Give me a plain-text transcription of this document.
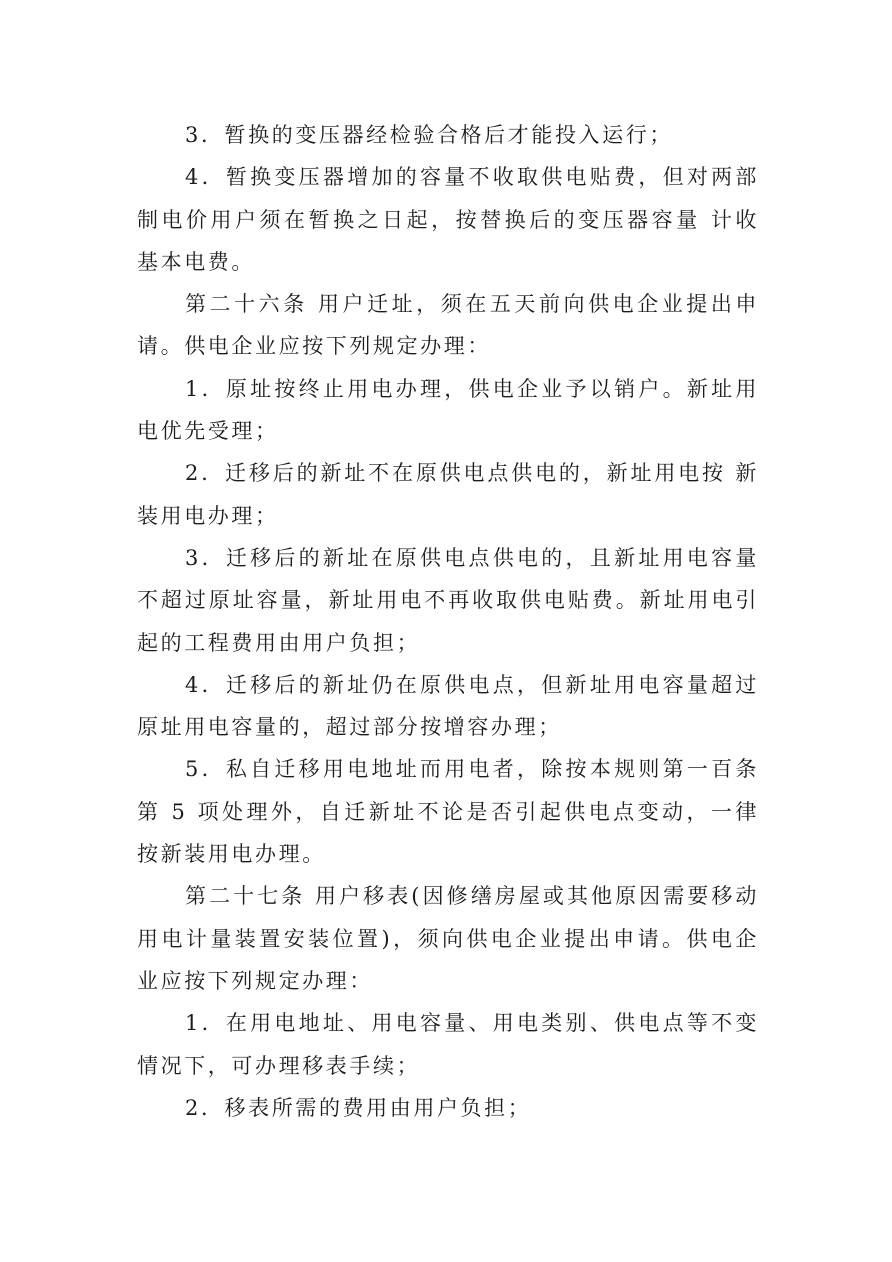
3．暂换的变压器经检验合格后才能投入运行；

4．暂换变压器增加的容量不收取供电贴费，但对两部制电价用户须在暂换之日起，按替换后的变压器容量 计收基本电费。

第二十六条 用户迁址，须在五天前向供电企业提出申请。供电企业应按下列规定办理：

1．原址按终止用电办理，供电企业予以销户。新址用电优先受理；

2．迁移后的新址不在原供电点供电的，新址用电按 新装用电办理；

3．迁移后的新址在原供电点供电的，且新址用电容量不超过原址容量，新址用电不再收取供电贴费。新址用电引起的工程费用由用户负担；

4．迁移后的新址仍在原供电点，但新址用电容量超过原址用电容量的，超过部分按增容办理；

5．私自迁移用电地址而用电者，除按本规则第一百条第 5 项处理外，自迁新址不论是否引起供电点变动，一律按新装用电办理。

第二十七条 用户移表(因修缮房屋或其他原因需要移动用电计量装置安装位置)，须向供电企业提出申请。供电企业应按下列规定办理：

1．在用电地址、用电容量、用电类别、供电点等不变情况下，可办理移表手续；

2．移表所需的费用由用户负担；
